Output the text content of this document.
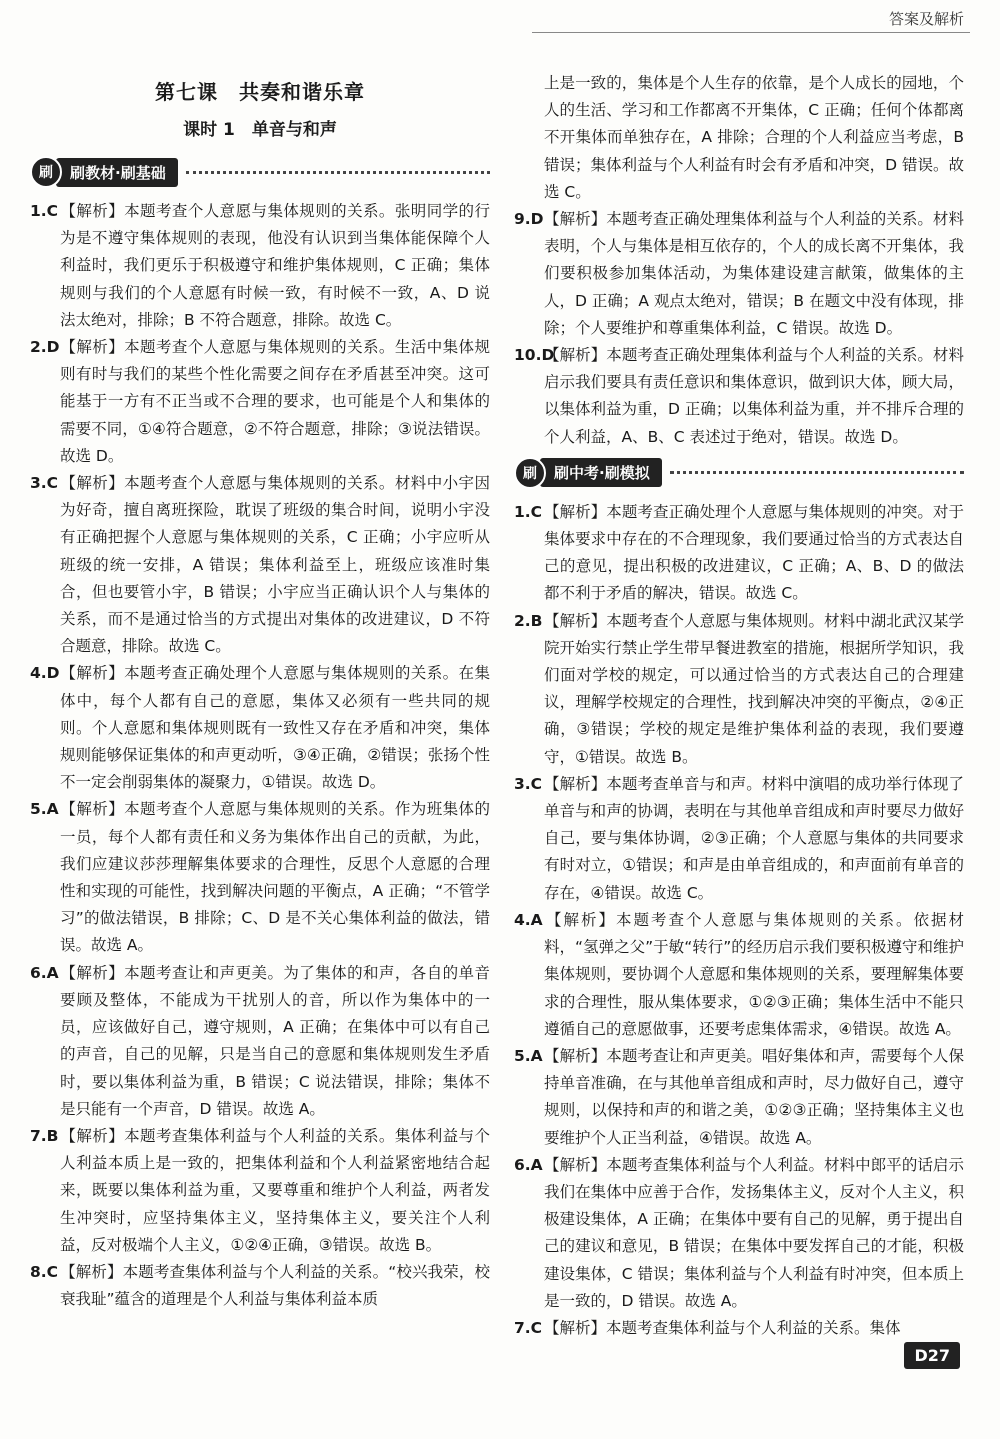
答案及解析
第七课　共奏和谐乐章
课时 1　单音与和声
刷	刷教材·刷基础

1.C 【解析】本题考查个人意愿与集体规则的关系。张明同学的行为是不遵守集体规则的表现，他没有认识到当集体能保障个人利益时，我们更乐于积极遵守和维护集体规则，C 正确；集体规则与我们的个人意愿有时候一致，有时候不一致，A、D 说法太绝对，排除；B 不符合题意，排除。故选 C。

2.D【解析】本题考查个人意愿与集体规则的关系。生活中集体规则有时与我们的某些个性化需要之间存在矛盾甚至冲突。这可能基于一方有不正当或不合理的要求，也可能是个人和集体的需要不同，①④符合题意，②不符合题意，排除；③说法错误。故选 D。

3.C 【解析】本题考查个人意愿与集体规则的关系。材料中小宇因为好奇，擅自离班探险，耽误了班级的集合时间，说明小宇没有正确把握个人意愿与集体规则的关系，C 正确；小宇应听从班级的统一安排，A 错误；集体利益至上，班级应该准时集合，但也要管小宇，B 错误；小宇应当正确认识个人与集体的关系，而不是通过恰当的方式提出对集体的改进建议，D 不符合题意，排除。故选 C。

4.D【解析】本题考查正确处理个人意愿与集体规则的关系。在集体中，每个人都有自己的意愿，集体又必须有一些共同的规则。个人意愿和集体规则既有一致性又存在矛盾和冲突，集体规则能够保证集体的和声更动听，③④正确，②错误；张扬个性不一定会削弱集体的凝聚力，①错误。故选 D。

5.A【解析】本题考查个人意愿与集体规则的关系。作为班集体的一员，每个人都有责任和义务为集体作出自己的贡献，为此，我们应建议莎莎理解集体要求的合理性，反思个人意愿的合理性和实现的可能性，找到解决问题的平衡点，A 正确；“不管学习”的做法错误，B 排除；C、D 是不关心集体利益的做法，错误。故选 A。

6.A【解析】本题考查让和声更美。为了集体的和声，各自的单音要顾及整体，不能成为干扰别人的音，所以作为集体中的一员，应该做好自己，遵守规则，A 正确；在集体中可以有自己的声音，自己的见解，只是当自己的意愿和集体规则发生矛盾时，要以集体利益为重，B 错误；C 说法错误，排除；集体不是只能有一个声音，D 错误。故选 A。

7.B【解析】本题考查集体利益与个人利益的关系。集体利益与个人利益本质上是一致的，把集体利益和个人利益紧密地结合起来，既要以集体利益为重，又要尊重和维护个人利益，两者发生冲突时，应坚持集体主义，坚持集体主义，要关注个人利益，反对极端个人主义，①②④正确，③错误。故选 B。

8.C 【解析】本题考查集体利益与个人利益的关系。“校兴我荣，校衰我耻”蕴含的道理是个人利益与集体利益本质

上是一致的，集体是个人生存的依靠，是个人成长的园地，个人的生活、学习和工作都离不开集体，C 正确；任何个体都离不开集体而单独存在，A 排除；合理的个人利益应当考虑，B 错误；集体利益与个人利益有时会有矛盾和冲突，D 错误。故选 C。

9.D【解析】本题考查正确处理集体利益与个人利益的关系。材料表明，个人与集体是相互依存的，个人的成长离不开集体，我们要积极参加集体活动，为集体建设建言献策，做集体的主人，D 正确；A 观点太绝对，错误；B 在题文中没有体现，排除；个人要维护和尊重集体利益，C 错误。故选 D。

10.D【解析】本题考查正确处理集体利益与个人利益的关系。材料启示我们要具有责任意识和集体意识，做到识大体，顾大局，以集体利益为重，D 正确；以集体利益为重，并不排斥合理的个人利益，A、B、C 表述过于绝对，错误。故选 D。

刷	刷中考·刷模拟

1.C 【解析】本题考查正确处理个人意愿与集体规则的冲突。对于集体要求中存在的不合理现象，我们要通过恰当的方式表达自己的意见，提出积极的改进建议，C 正确；A、B、D 的做法都不利于矛盾的解决，错误。故选 C。

2.B【解析】本题考查个人意愿与集体规则。材料中湖北武汉某学院开始实行禁止学生带早餐进教室的措施，根据所学知识，我们面对学校的规定，可以通过恰当的方式表达自己的合理建议，理解学校规定的合理性，找到解决冲突的平衡点，②④正确，③错误；学校的规定是维护集体利益的表现，我们要遵守，①错误。故选 B。

3.C 【解析】本题考查单音与和声。材料中演唱的成功举行体现了单音与和声的协调，表明在与其他单音组成和声时要尽力做好自己，要与集体协调，②③正确；个人意愿与集体的共同要求有时对立，①错误；和声是由单音组成的，和声面前有单音的存在，④错误。故选 C。

4.A【解析】本题考查个人意愿与集体规则的关系。依据材料，“氢弹之父”于敏“转行”的经历启示我们要积极遵守和维护集体规则，要协调个人意愿和集体规则的关系，要理解集体要求的合理性，服从集体要求，①②③正确；集体生活中不能只遵循自己的意愿做事，还要考虑集体需求，④错误。故选 A。

5.A【解析】本题考查让和声更美。唱好集体和声，需要每个人保持单音准确，在与其他单音组成和声时，尽力做好自己，遵守规则，以保持和声的和谐之美，①②③正确；坚持集体主义也要维护个人正当利益，④错误。故选 A。

6.A【解析】本题考查集体利益与个人利益。材料中郎平的话启示我们在集体中应善于合作，发扬集体主义，反对个人主义，积极建设集体，A 正确；在集体中要有自己的见解，勇于提出自己的建议和意见，B 错误；在集体中要发挥自己的才能，积极建设集体，C 错误；集体利益与个人利益有时冲突，但本质上是一致的，D 错误。故选 A。

7.C 【解析】本题考查集体利益与个人利益的关系。集体

D27
